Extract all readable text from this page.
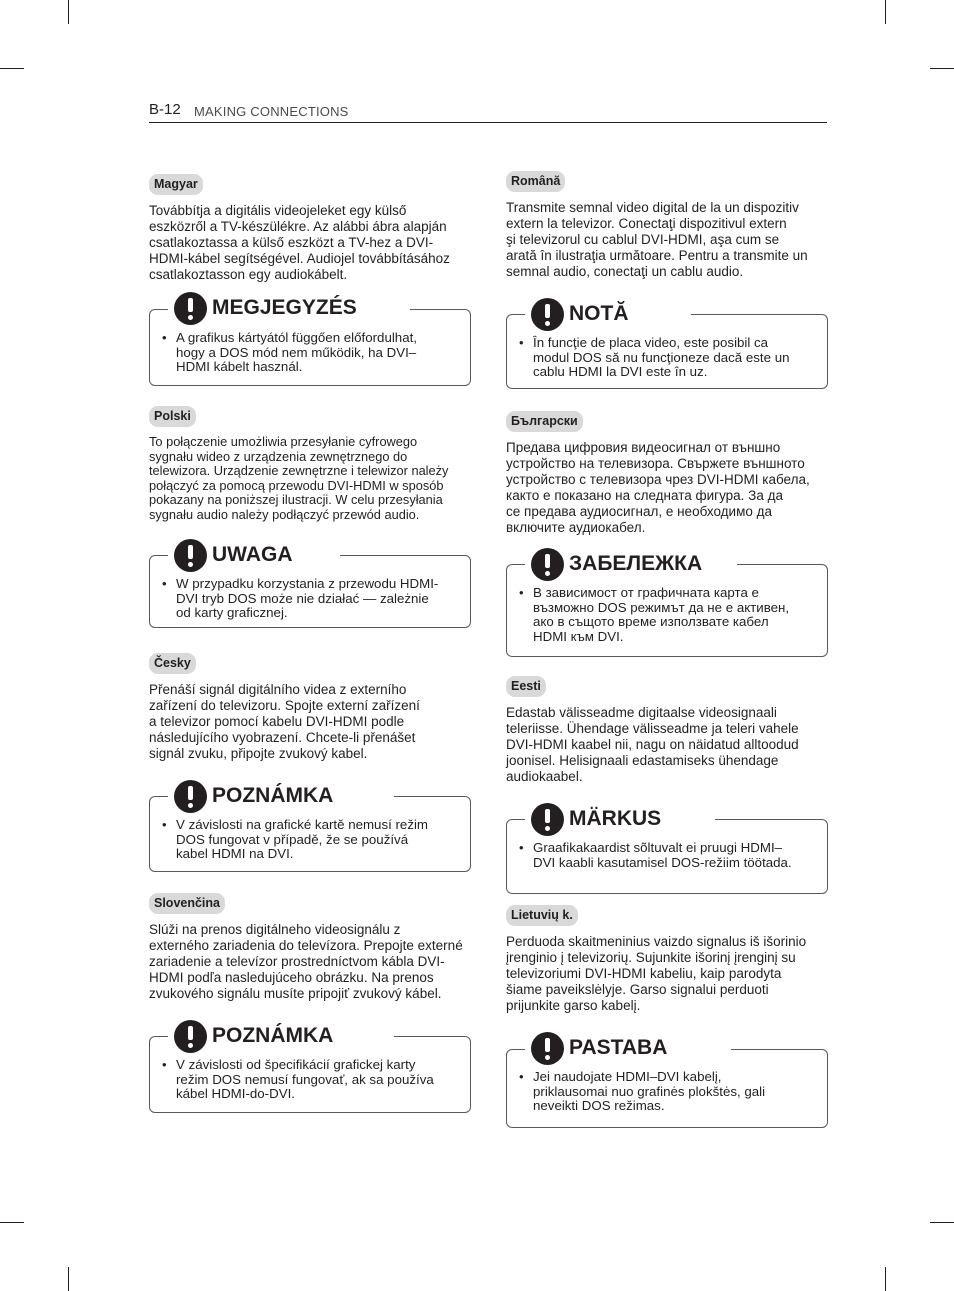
B-12 MAKING CONNECTIONS
Magyar

Továbbítja a digitális videojeleket egy külső
eszközről a TV-készülékre. Az alábbi ábra alapján
csatlakoztassa a külső eszközt a TV-hez a DVI-
HDMI-kábel segítségével. Audiojel továbbításához
csatlakoztasson egy audiokábelt.

MEGJEGYZÉS
• A grafikus kártyától függően előfordulhat,
hogy a DOS mód nem működik, ha DVI–
HDMI kábelt használ.

Polski

To połączenie umożliwia przesyłanie cyfrowego
sygnału wideo z urządzenia zewnętrznego do
telewizora. Urządzenie zewnętrzne i telewizor należy
połączyć za pomocą przewodu DVI-HDMI w sposób
pokazany na poniższej ilustracji. W celu przesyłania
sygnału audio należy podłączyć przewód audio.

UWAGA
• W przypadku korzystania z przewodu HDMI-
DVI tryb DOS może nie działać — zależnie
od karty graficznej.

Česky

Přenáší signál digitálního videa z externího
zařízení do televizoru. Spojte externí zařízení
a televizor pomocí kabelu DVI-HDMI podle
následujícího vyobrazení. Chcete-li přenášet
signál zvuku, připojte zvukový kabel.

POZNÁMKA
• V závislosti na grafické kartě nemusí režim
DOS fungovat v případě, že se používá
kabel HDMI na DVI.

Slovenčina

Slúži na prenos digitálneho videosignálu z
externého zariadenia do televízora. Prepojte externé
zariadenie a televízor prostredníctvom kábla DVI-
HDMI podľa nasledujúceho obrázku. Na prenos
zvukového signálu musíte pripojiť zvukový kábel.

POZNÁMKA
• V závislosti od špecifikácií grafickej karty
režim DOS nemusí fungovať, ak sa používa
kábel HDMI-do-DVI.

Română

Transmite semnal video digital de la un dispozitiv
extern la televizor. Conectaţi dispozitivul extern
şi televizorul cu cablul DVI-HDMI, aşa cum se
arată în ilustraţia următoare. Pentru a transmite un
semnal audio, conectaţi un cablu audio.

NOTĂ
• În funcţie de placa video, este posibil ca
modul DOS să nu funcţioneze dacă este un
cablu HDMI la DVI este în uz.

Български

Предава цифровия видеосигнал от външно
устройство на телевизора. Свържете външното
устройство с телевизора чрез DVI-HDMI кабела,
както е показано на следната фигура. За да
се предава аудиосигнал, е необходимо да
включите аудиокабел.

ЗАБЕЛЕЖКА
• В зависимост от графичната карта е
възможно DOS режимът да не е активен,
ако в същото време използвате кабел
HDMI към DVI.

Eesti

Edastab välisseadme digitaalse videosignaali
teleriisse. Ühendage välisseadme ja teleri vahele
DVI-HDMI kaabel nii, nagu on näidatud alltoodud
joonisel. Helisignaali edastamiseks ühendage
audiokaabel.

MÄRKUS
• Graafikakaardist sõltuvalt ei pruugi HDMI–
DVI kaabli kasutamisel DOS-režiim töötada.

Lietuvių k.

Perduoda skaitmeninius vaizdo signalus iš išorinio
įrenginio į televizorių. Sujunkite išorinį įrenginį su
televizoriumi DVI-HDMI kabeliu, kaip parodyta
šiame paveikslėlyje. Garso signalui perduoti
prijunkite garso kabelį.

PASTABA
• Jei naudojate HDMI–DVI kabelį,
priklausomai nuo grafinės plokštės, gali
neveikti DOS režimas.
